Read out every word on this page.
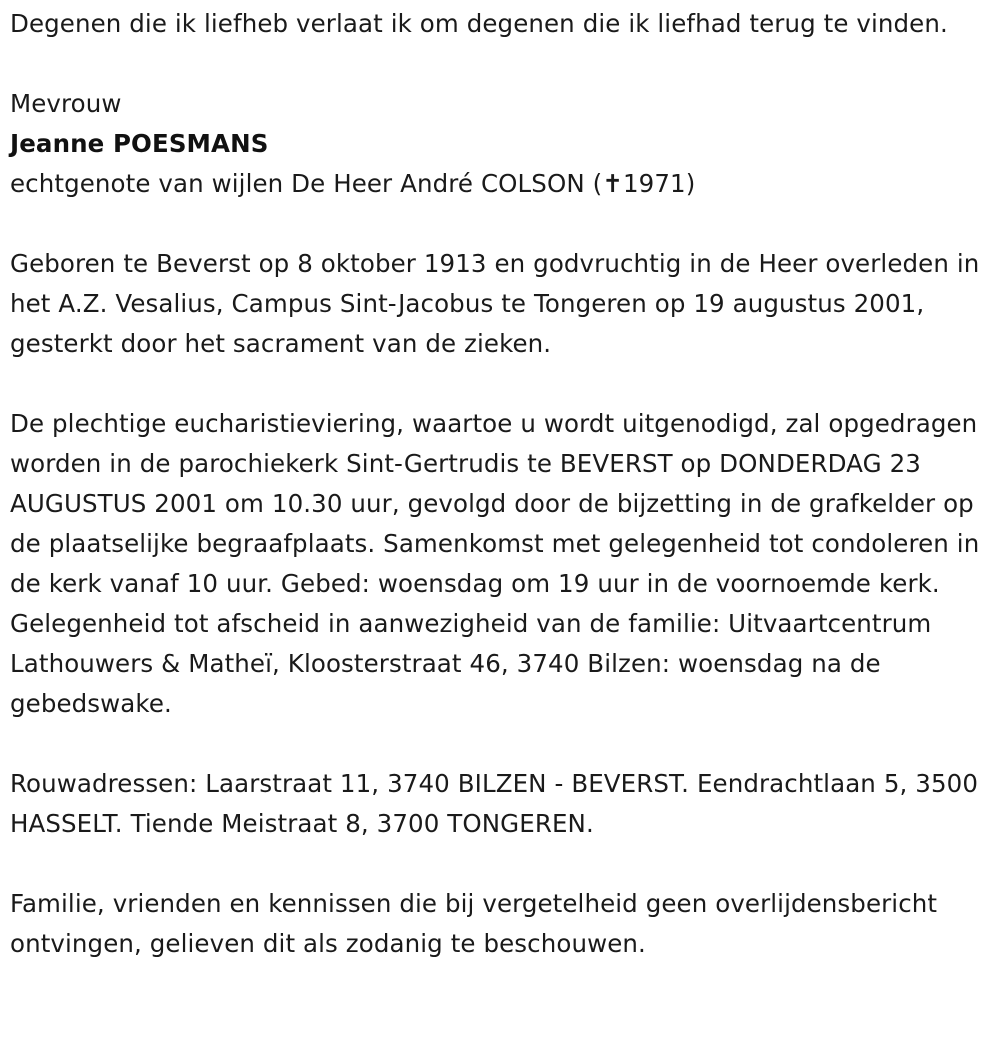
Degenen die ik liefheb verlaat ik om degenen die ik liefhad terug te vinden.

Mevrouw

Jeanne POESMANS

echtgenote van wijlen De Heer André COLSON (✝1971)

Geboren te Beverst op 8 oktober 1913 en godvruchtig in de Heer overleden in het A.Z. Vesalius, Campus Sint-Jacobus te Tongeren op 19 augustus 2001, gesterkt door het sacrament van de zieken.

De plechtige eucharistieviering, waartoe u wordt uitgenodigd, zal opgedragen worden in de parochiekerk Sint-Gertrudis te BEVERST op DONDERDAG 23 AUGUSTUS 2001 om 10.30 uur, gevolgd door de bijzetting in de grafkelder op de plaatselijke begraafplaats. Samenkomst met gelegenheid tot condoleren in de kerk vanaf 10 uur. Gebed: woensdag om 19 uur in de voornoemde kerk. Gelegenheid tot afscheid in aanwezigheid van de familie: Uitvaartcentrum Lathouwers & Matheï, Kloosterstraat 46, 3740 Bilzen: woensdag na de gebedswake.

Rouwadressen: Laarstraat 11, 3740 BILZEN - BEVERST. Eendrachtlaan 5, 3500 HASSELT. Tiende Meistraat 8, 3700 TONGEREN.

Familie, vrienden en kennissen die bij vergetelheid geen overlijdensbericht ontvingen, gelieven dit als zodanig te beschouwen.
